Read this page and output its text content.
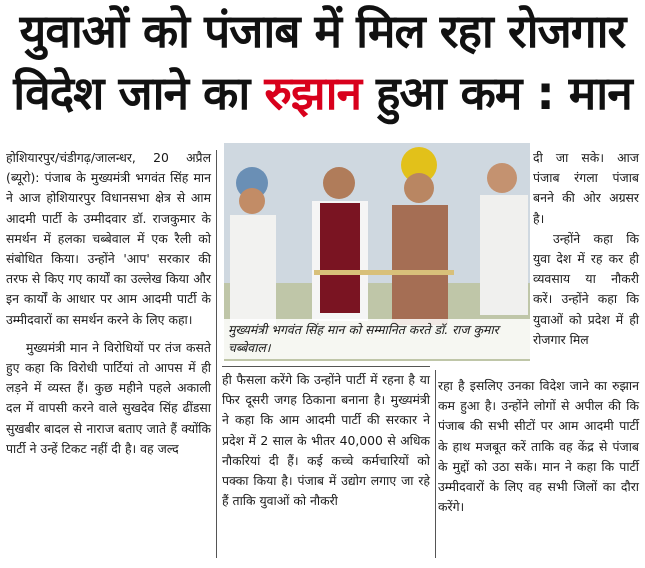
युवाओं को पंजाब में मिल रहा रोजगार
विदेश जाने का रुझान हुआ कम : मान

होशियारपुर/चंडीगढ़/जालन्धर, 20 अप्रैल (ब्यूरो): पंजाब के मुख्यमंत्री भगवंत सिंह मान ने आज होशियारपुर विधानसभा क्षेत्र से आम आदमी पार्टी के उम्मीदवार डॉ. राजकुमार के समर्थन में हलका चब्बेवाल में एक रैली को संबोधित किया। उन्होंने 'आप' सरकार की तरफ से किए गए कार्यों का उल्लेख किया और इन कार्यों के आधार पर आम आदमी पार्टी के उम्मीदवारों का समर्थन करने के लिए कहा।

मुख्यमंत्री मान ने विरोधियों पर तंज कसते हुए कहा कि विरोधी पार्टियां तो आपस में ही लड़ने में व्यस्त हैं। कुछ महीने पहले अकाली दल में वापसी करने वाले सुखदेव सिंह ढींडसा सुखबीर बादल से नाराज बताए जाते हैं क्योंकि पार्टी ने उन्हें टिकट नहीं दी है। वह जल्द

मुख्यमंत्री भगवंत सिंह मान को सम्मानित करते डॉ. राज कुमार चब्बेवाल।

ही फैसला करेंगे कि उन्होंने पार्टी में रहना है या फिर दूसरी जगह ठिकाना बनाना है। मुख्यमंत्री ने कहा कि आम आदमी पार्टी की सरकार ने प्रदेश में 2 साल के भीतर 40,000 से अधिक नौकरियां दी हैं। कई कच्चे कर्मचारियों को पक्का किया है। पंजाब में उद्योग लगाए जा रहे हैं ताकि युवाओं को नौकरी

दी जा सके। आज पंजाब रंगला पंजाब बनने की ओर अग्रसर है।

उन्होंने कहा कि युवा देश में रह कर ही व्यवसाय या नौकरी करें। उन्होंने कहा कि युवाओं को प्रदेश में ही रोजगार मिल

रहा है इसलिए उनका विदेश जाने का रुझान कम हुआ है। उन्होंने लोगों से अपील की कि पंजाब की सभी सीटों पर आम आदमी पार्टी के हाथ मजबूत करें ताकि वह केंद्र से पंजाब के मुद्दों को उठा सकें। मान ने कहा कि पार्टी उम्मीदवारों के लिए वह सभी जिलों का दौरा करेंगे।
